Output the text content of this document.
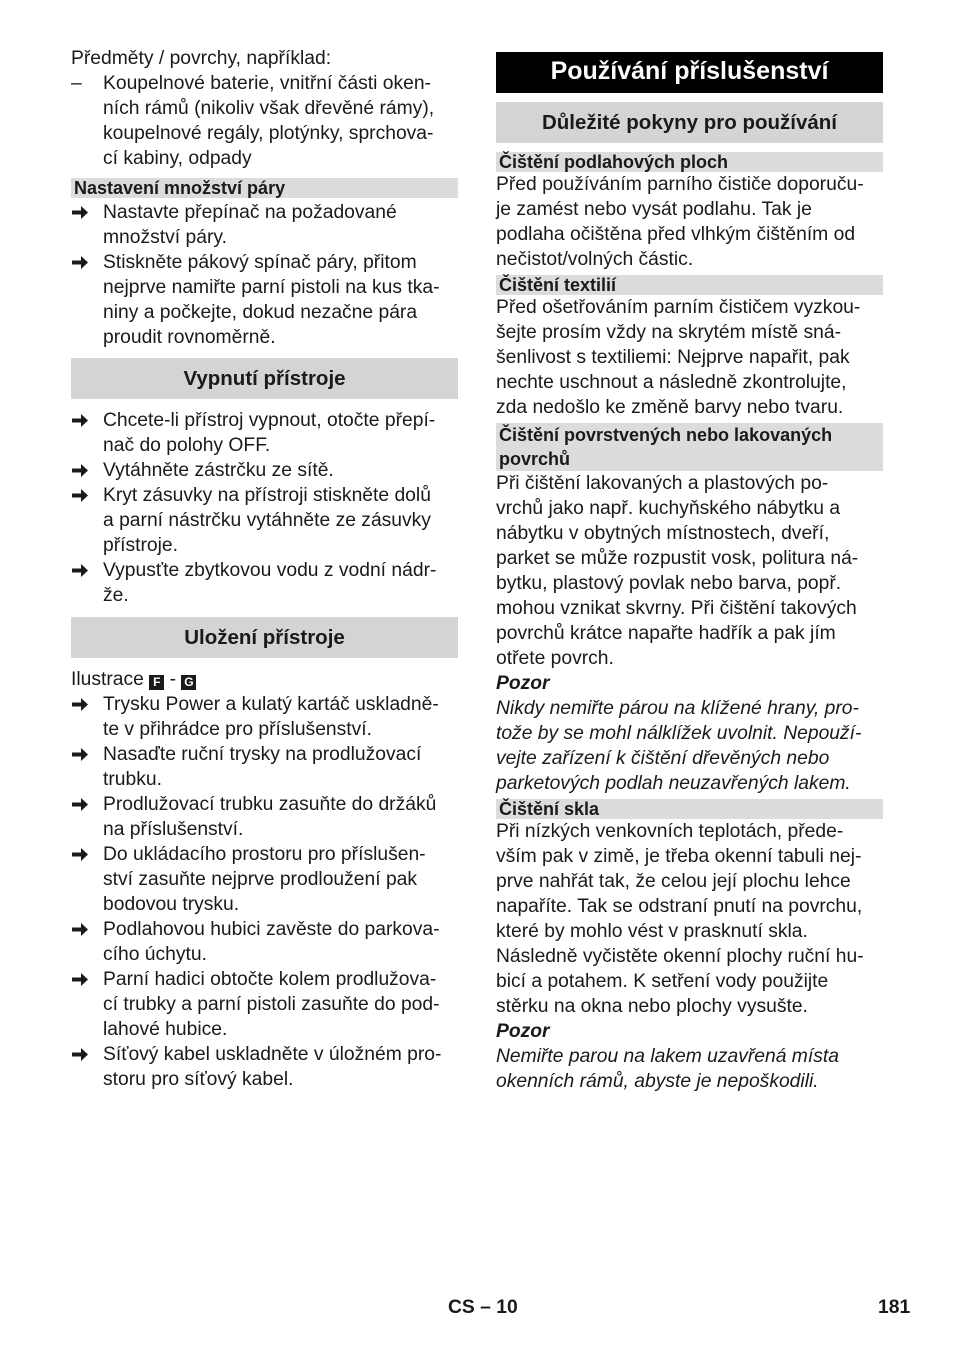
Předměty / povrchy, například:

– Koupelnové baterie, vnitřní části oken-
ních rámů (nikoliv však dřevěné rámy),
koupelnové regály, plotýnky, sprchova-
cí kabiny, odpady
Nastavení množství páry
Nastavte přepínač na požadované
množství páry.
Stiskněte pákový spínač páry, přitom
nejprve namiřte parní pistoli na kus tka-
niny a počkejte, dokud nezačne pára
proudit rovnoměrně.
Vypnutí přístroje
Chcete-li přístroj vypnout, otočte přepí-
nač do polohy OFF.
Vytáhněte zástrčku ze sítě.
Kryt zásuvky na přístroji stiskněte dolů
a parní nástrčku vytáhněte ze zásuvky
přístroje.
Vypusťte zbytkovou vodu z vodní nádr-
že.
Uložení přístroje

Ilustrace F - G

Trysku Power a kulatý kartáč uskladně-
te v přihrádce pro příslušenství.
Nasaďte ruční trysky na prodlužovací
trubku.
Prodlužovací trubku zasuňte do držáků
na příslušenství.
Do ukládacího prostoru pro příslušen-
ství zasuňte nejprve prodloužení pak
bodovou trysku.
Podlahovou hubici zavěste do parkova-
cího úchytu.
Parní hadici obtočte kolem prodlužova-
cí trubky a parní pistoli zasuňte do pod-
lahové hubice.
Síťový kabel uskladněte v úložném pro-
storu pro síťový kabel.
Používání příslušenství
Důležité pokyny pro používání
Čištění podlahových ploch

Před používáním parního čističe doporuču-
je zamést nebo vysát podlahu. Tak je
podlaha očištěna před vlhkým čištěním od
nečistot/volných částic.

Čištění textilií

Před ošetřováním parním čističem vyzkou-
šejte prosím vždy na skrytém místě sná-
šenlivost s textiliemi: Nejprve napařit, pak
nechte uschnout a následně zkontrolujte,
zda nedošlo ke změně barvy nebo tvaru.

Čištění povrstvených nebo lakovaných
povrchů

Při čištění lakovaných a plastových po-
vrchů jako např. kuchyňského nábytku a
nábytku v obytných místnostech, dveří,
parket se může rozpustit vosk, politura ná-
bytku, plastový povlak nebo barva, popř.
mohou vznikat skvrny. Při čištění takových
povrchů krátce napařte hadřík a pak jím
otřete povrch.

Pozor

Nikdy nemiřte párou na klížené hrany, pro-
tože by se mohl nálklížek uvolnit. Nepouží-
vejte zařízení k čištění dřevěných nebo
parketových podlah neuzavřených lakem.

Čištění skla

Při nízkých venkovních teplotách, přede-
vším pak v zimě, je třeba okenní tabuli nej-
prve nahřát tak, že celou její plochu lehce
napaříte. Tak se odstraní pnutí na povrchu,
které by mohlo vést v prasknutí skla.
Následně vyčistěte okenní plochy ruční hu-
bicí a potahem. K setření vody použijte
stěrku na okna nebo plochy vysušte.

Pozor

Nemiřte parou na lakem uzavřená místa
okenních rámů, abyste je nepoškodili.

CS – 10	181
